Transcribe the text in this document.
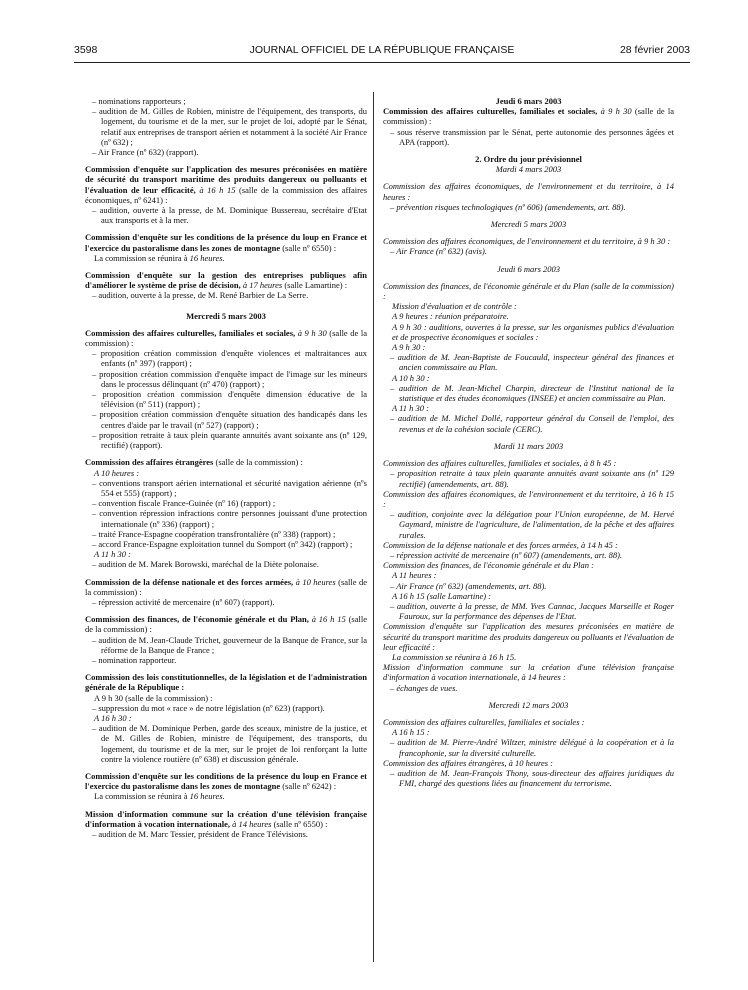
3598	JOURNAL OFFICIEL DE LA RÉPUBLIQUE FRANÇAISE	28 février 2003

– nominations rapporteurs ;

– audition de M. Gilles de Robien, ministre de l'équipement, des transports, du logement, du tourisme et de la mer, sur le projet de loi, adopté par le Sénat, relatif aux entreprises de transport aérien et notamment à la société Air France (nº 632) ;

– Air France (nº 632) (rapport).

Commission d'enquête sur l'application des mesures préconisées en matière de sécurité du transport maritime des produits dangereux ou polluants et l'évaluation de leur efficacité, à 16 h 15 (salle de la commission des affaires économiques, nº 6241) :

– audition, ouverte à la presse, de M. Dominique Bussereau, secrétaire d'Etat aux transports et à la mer.

Commission d'enquête sur les conditions de la présence du loup en France et l'exercice du pastoralisme dans les zones de montagne (salle nº 6550) :

La commission se réunira à 16 heures.

Commission d'enquête sur la gestion des entreprises publiques afin d'améliorer le système de prise de décision, à 17 heures (salle Lamartine) :

– audition, ouverte à la presse, de M. René Barbier de La Serre.

Mercredi 5 mars 2003

Commission des affaires culturelles, familiales et sociales, à 9 h 30 (salle de la commission) :

– proposition création commission d'enquête violences et maltraitances aux enfants (nº 397) (rapport) ;

– proposition création commission d'enquête impact de l'image sur les mineurs dans le processus délinquant (nº 470) (rapport) ;

– proposition création commission d'enquête dimension éducative de la télévision (nº 511) (rapport) ;

– proposition création commission d'enquête situation des handicapés dans les centres d'aide par le travail (nº 527) (rapport) ;

– proposition retraite à taux plein quarante annuités avant soixante ans (nº 129, rectifié) (rapport).

Commission des affaires étrangères (salle de la commission) :

A 10 heures :

– conventions transport aérien international et sécurité navigation aérienne (nºs 554 et 555) (rapport) ;

– convention fiscale France-Guinée (nº 16) (rapport) ;

– convention répression infractions contre personnes jouissant d'une protection internationale (nº 336) (rapport) ;

– traité France-Espagne coopération transfrontalière (nº 338) (rapport) ;

– accord France-Espagne exploitation tunnel du Somport (nº 342) (rapport) ;

A 11 h 30 :

– audition de M. Marek Borowski, maréchal de la Diète polonaise.

Commission de la défense nationale et des forces armées, à 10 heures (salle de la commission) :

– répression activité de mercenaire (nº 607) (rapport).

Commission des finances, de l'économie générale et du Plan, à 16 h 15 (salle de la commission) :

– audition de M. Jean-Claude Trichet, gouverneur de la Banque de France, sur la réforme de la Banque de France ;

– nomination rapporteur.

Commission des lois constitutionnelles, de la législation et de l'administration générale de la République :

A 9 h 30 (salle de la commission) :

– suppression du mot « race » de notre législation (nº 623) (rapport).

A 16 h 30 :

– audition de M. Dominique Perben, garde des sceaux, ministre de la justice, et de M. Gilles de Robien, ministre de l'équipement, des transports, du logement, du tourisme et de la mer, sur le projet de loi renforçant la lutte contre la violence routière (nº 638) et discussion générale.

Commission d'enquête sur les conditions de la présence du loup en France et l'exercice du pastoralisme dans les zones de montagne (salle nº 6242) :

La commission se réunira à 16 heures.

Mission d'information commune sur la création d'une télévision française d'information à vocation internationale, à 14 heures (salle nº 6550) :

– audition de M. Marc Tessier, président de France Télévisions.

Jeudi 6 mars 2003

Commission des affaires culturelles, familiales et sociales, à 9 h 30 (salle de la commission) :

– sous réserve transmission par le Sénat, perte autonomie des personnes âgées et APA (rapport).

2. Ordre du jour prévisionnel

Mardi 4 mars 2003

Commission des affaires économiques, de l'environnement et du territoire, à 14 heures :

– prévention risques technologiques (nº 606) (amendements, art. 88).

Mercredi 5 mars 2003

Commission des affaires économiques, de l'environnement et du territoire, à 9 h 30 :

– Air France (nº 632) (avis).

Jeudi 6 mars 2003

Commission des finances, de l'économie générale et du Plan (salle de la commission) :

Mission d'évaluation et de contrôle :

A 9 heures : réunion préparatoire.

A 9 h 30 : auditions, ouvertes à la presse, sur les organismes publics d'évaluation et de prospective économiques et sociales :

A 9 h 30 :

– audition de M. Jean-Baptiste de Foucauld, inspecteur général des finances et ancien commissaire au Plan.

A 10 h 30 :

– audition de M. Jean-Michel Charpin, directeur de l'Institut national de la statistique et des études économiques (INSEE) et ancien commissaire au Plan.

A 11 h 30 :

– audition de M. Michel Dollé, rapporteur général du Conseil de l'emploi, des revenus et de la cohésion sociale (CERC).

Mardi 11 mars 2003

Commission des affaires culturelles, familiales et sociales, à 8 h 45 :

– proposition retraite à taux plein quarante annuités avant soixante ans (nº 129 rectifié) (amendements, art. 88).

Commission des affaires économiques, de l'environnement et du territoire, à 16 h 15 :

– audition, conjointe avec la délégation pour l'Union européenne, de M. Hervé Gaymard, ministre de l'agriculture, de l'alimentation, de la pêche et des affaires rurales.

Commission de la défense nationale et des forces armées, à 14 h 45 :

– répression activité de mercenaire (nº 607) (amendements, art. 88).

Commission des finances, de l'économie générale et du Plan :

A 11 heures :

– Air France (nº 632) (amendements, art. 88).

A 16 h 15 (salle Lamartine) :

– audition, ouverte à la presse, de MM. Yves Cannac, Jacques Marseille et Roger Fauroux, sur la performance des dépenses de l'Etat.

Commission d'enquête sur l'application des mesures préconisées en matière de sécurité du transport maritime des produits dangereux ou polluants et l'évaluation de leur efficacité :

La commission se réunira à 16 h 15.

Mission d'information commune sur la création d'une télévision française d'information à vocation internationale, à 14 heures :

– échanges de vues.

Mercredi 12 mars 2003

Commission des affaires culturelles, familiales et sociales :

A 16 h 15 :

– audition de M. Pierre-André Wiltzer, ministre délégué à la coopération et à la francophonie, sur la diversité culturelle.

Commission des affaires étrangères, à 10 heures :

– audition de M. Jean-François Thony, sous-directeur des affaires juridiques du FMI, chargé des questions liées au financement du terrorisme.
